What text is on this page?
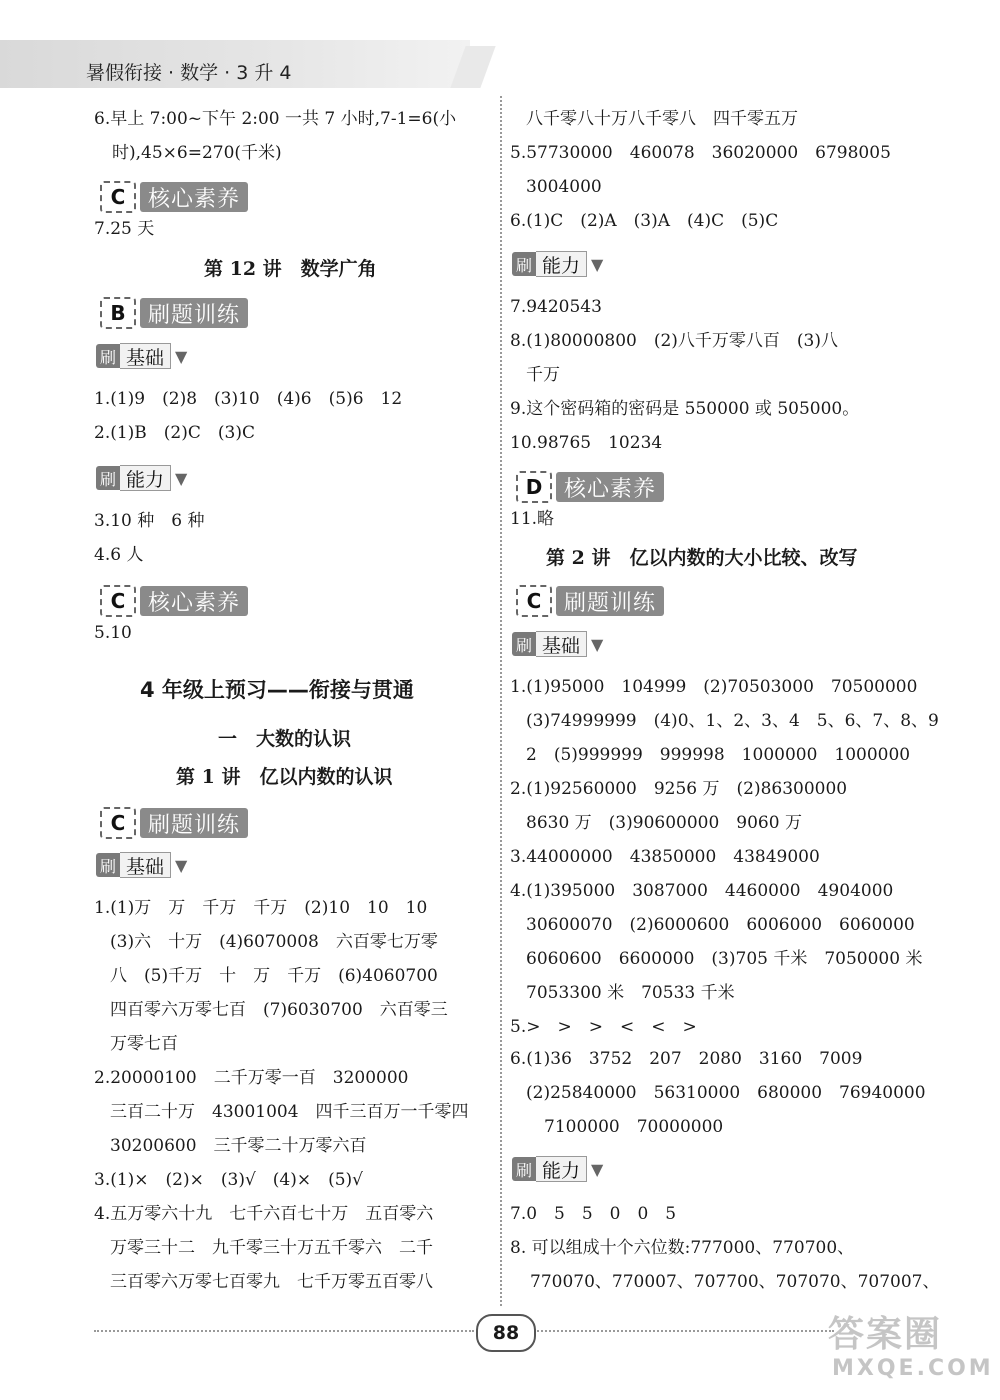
暑假衔接 · 数学 · 3 升 4
6.早上 7:00~下午 2:00 一共 7 小时,7-1=6(小
时),45×6=270(千米)
C	核心素养
7.25 天
第 12 讲　数学广角
B	刷题训练
刷 基础 ▼
1.(1)9　(2)8　(3)10　(4)6　(5)6　12
2.(1)B　(2)C　(3)C
刷 能力 ▼
3.10 种　6 种
4.6 人
C	核心素养
5.10
4 年级上预习——衔接与贯通
一　大数的认识
第 1 讲　亿以内数的认识
C	刷题训练
刷 基础 ▼
1.(1)万　万　千万　千万　(2)10　10　10
(3)六　十万　(4)6070008　六百零七万零
八　(5)千万　十　万　千万　(6)4060700
四百零六万零七百　(7)6030700　六百零三
万零七百
2.20000100　二千万零一百　3200000
三百二十万　43001004　四千三百万一千零四
30200600　三千零二十万零六百
3.(1)×　(2)×　(3)√　(4)×　(5)√
4.五万零六十九　七千六百七十万　五百零六
万零三十二　九千零三十万五千零六　二千
三百零六万零七百零九　七千万零五百零八
八千零八十万八千零八　四千零五万
5.57730000　460078　36020000　6798005
3004000
6.(1)C　(2)A　(3)A　(4)C　(5)C
刷 能力 ▼
7.9420543
8.(1)80000800　(2)八千万零八百　(3)八
千万
9.这个密码箱的密码是 550000 或 505000。
10.98765　10234
D 核心素养
11.略
第 2 讲　亿以内数的大小比较、改写
C	刷题训练
刷 基础 ▼
1.(1)95000　104999　(2)70503000　70500000
(3)74999999　(4)0、1、2、3、4　5、6、7、8、9
2　(5)999999　999998　1000000　1000000
2.(1)92560000　9256 万　(2)86300000
8630 万　(3)90600000　9060 万
3.44000000　43850000　43849000
4.(1)395000　3087000　4460000　4904000
30600070　(2)6000600　6006000　6060000
6060600　6600000　(3)705 千米　7050000 米
7053300 米　70533 千米
5.>　>　>　<　<　>
6.(1)36　3752　207　2080　3160　7009
(2)25840000　56310000　680000　76940000
7100000　70000000
刷 能力 ▼
7.0　5　5　0　0　5
8. 可以组成十个六位数:777000、770700、
770070、770007、707700、707070、707007、
88	答案圈
MXQE.COM
